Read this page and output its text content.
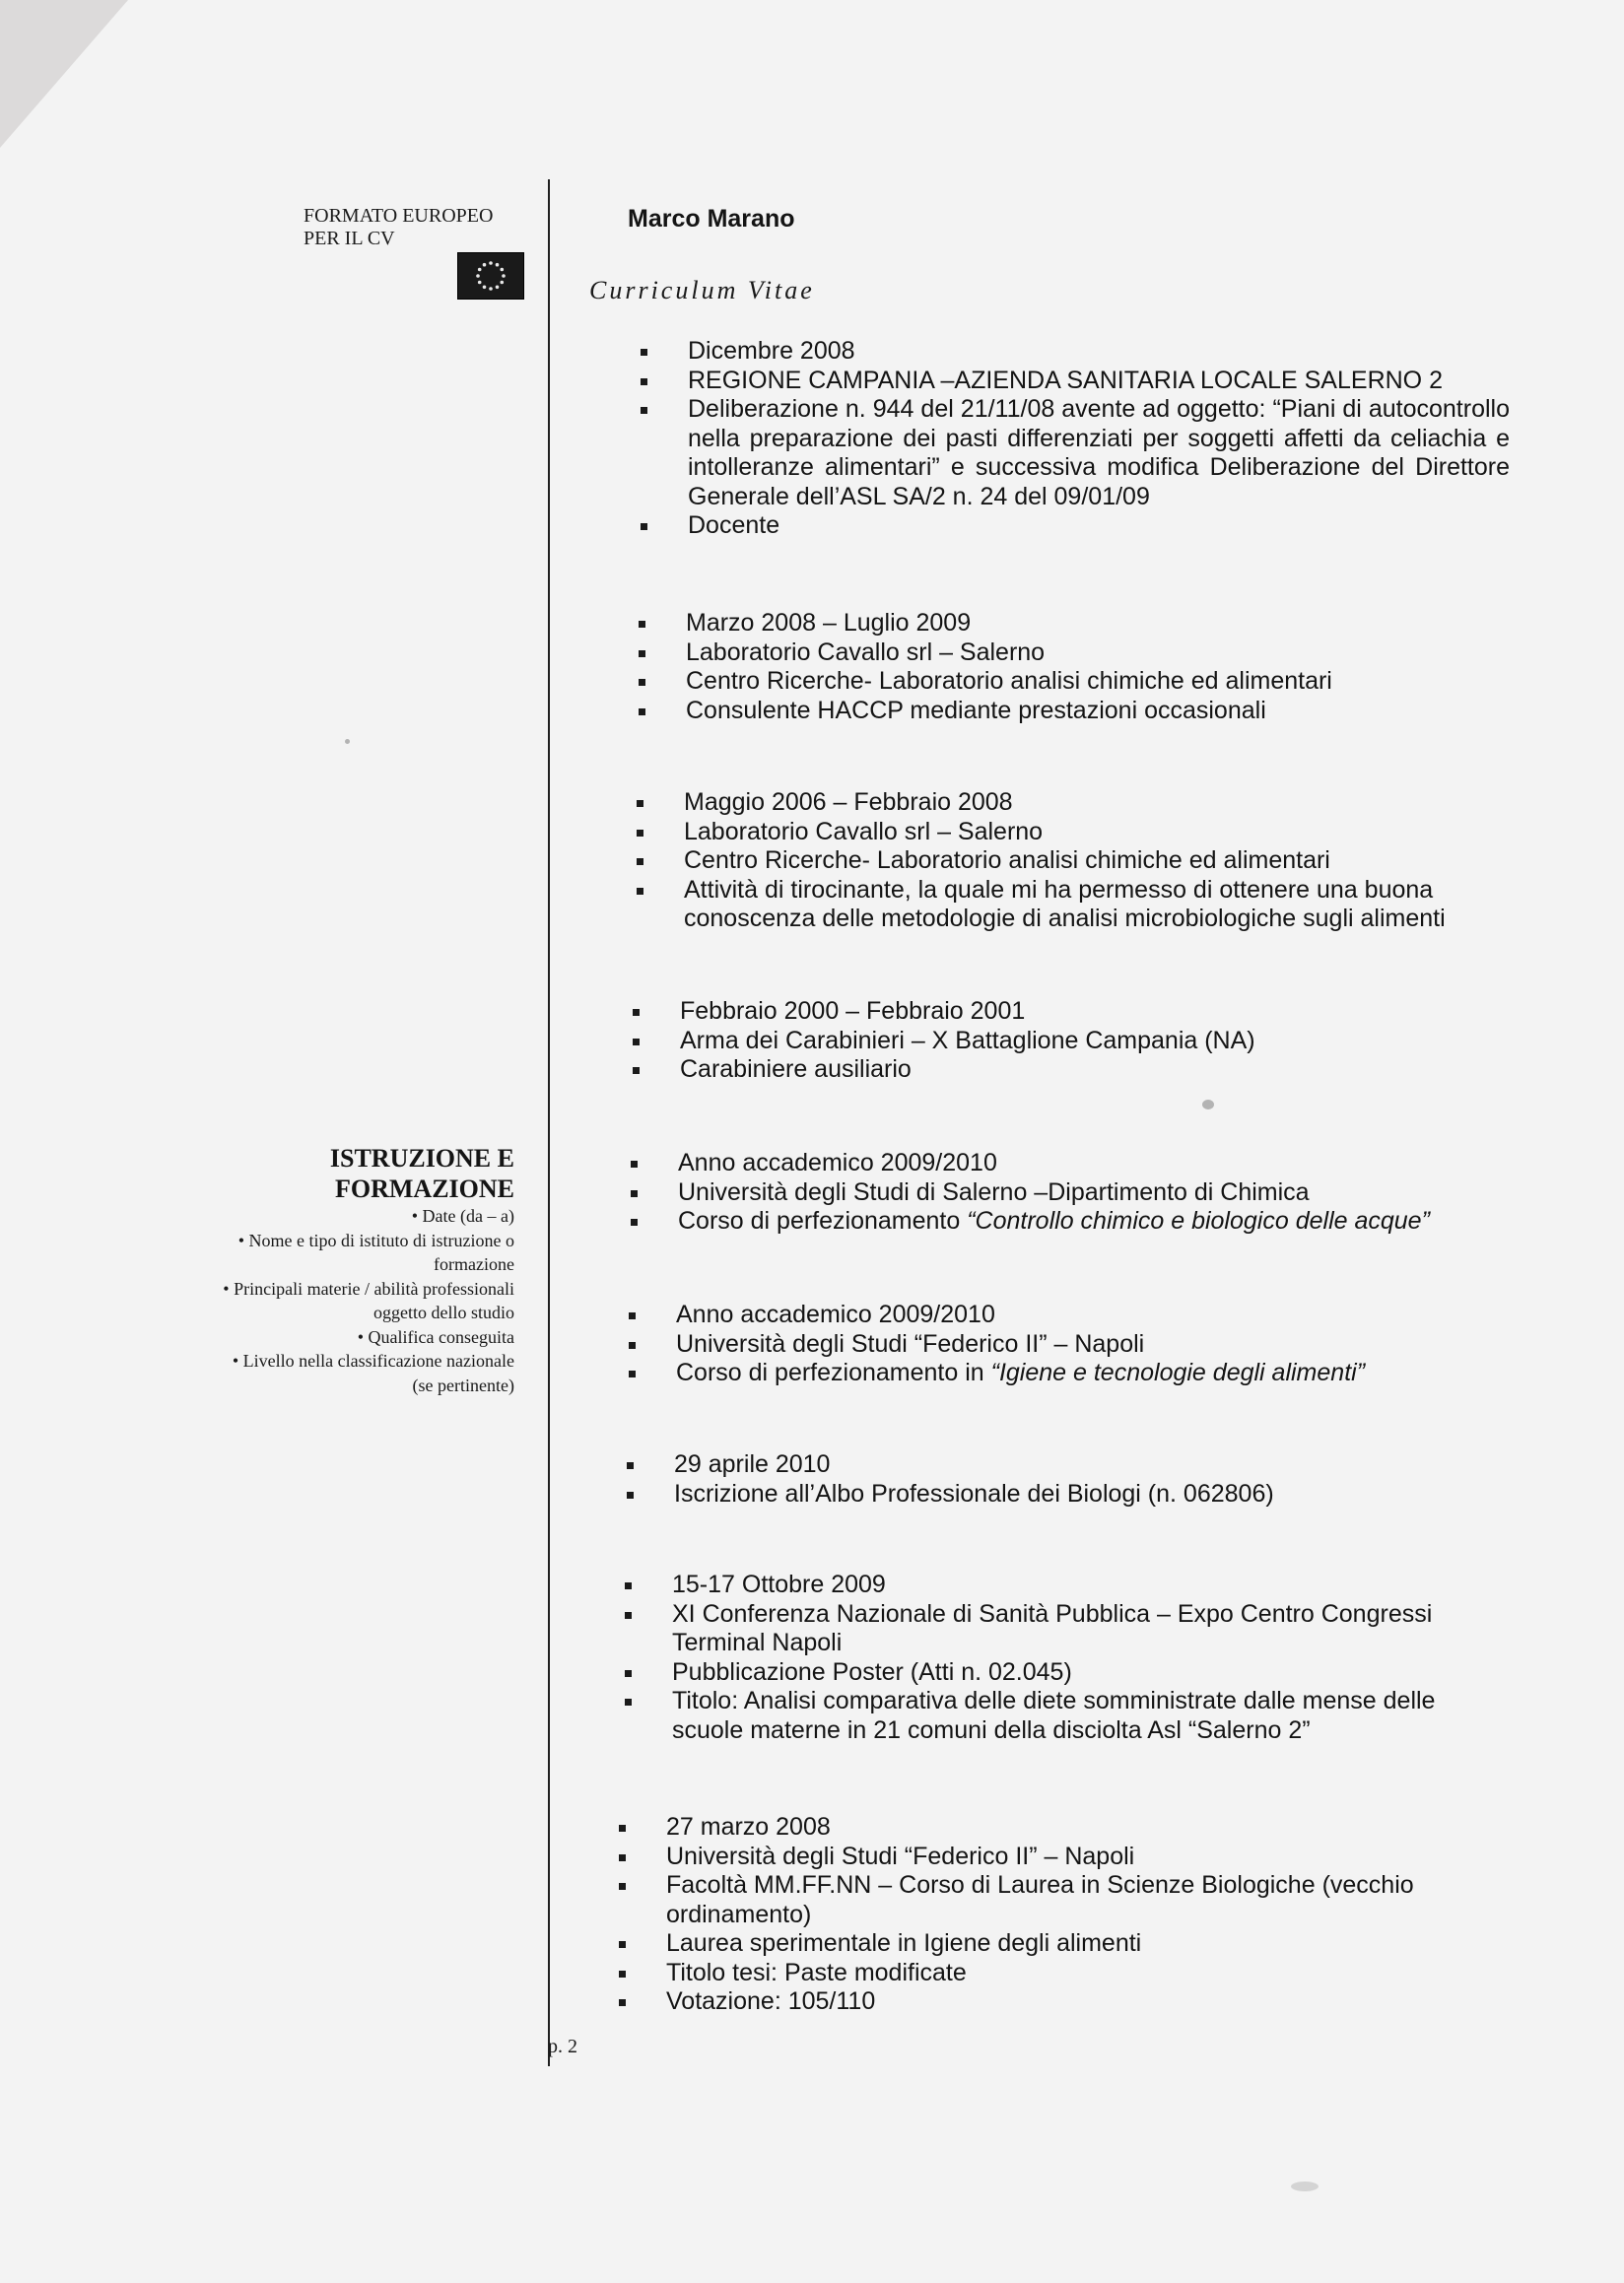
FORMATO EUROPEO
PER IL CV
Marco Marano
Curriculum Vitae
Dicembre 2008
REGIONE CAMPANIA –AZIENDA SANITARIA LOCALE SALERNO 2
Deliberazione n. 944 del 21/11/08 avente ad oggetto: “Piani di autocontrollo nella preparazione dei pasti differenziati per soggetti affetti da celiachia e intolleranze alimentari” e successiva modifica Deliberazione del Direttore Generale dell’ASL SA/2 n. 24 del 09/01/09
Docente
Marzo 2008 – Luglio 2009
Laboratorio Cavallo srl – Salerno
Centro Ricerche- Laboratorio analisi chimiche ed alimentari
Consulente HACCP mediante prestazioni occasionali
Maggio 2006 – Febbraio 2008
Laboratorio Cavallo srl – Salerno
Centro Ricerche- Laboratorio analisi chimiche ed alimentari
Attività di tirocinante, la quale mi ha permesso di ottenere una buona conoscenza delle metodologie di analisi microbiologiche sugli alimenti
Febbraio 2000 – Febbraio 2001
Arma dei Carabinieri – X Battaglione Campania (NA)
Carabiniere ausiliario
ISTRUZIONE E
FORMAZIONE
• Date (da – a)
• Nome e tipo di istituto di istruzione o
formazione
• Principali materie / abilità professionali
oggetto dello studio
• Qualifica conseguita
• Livello nella classificazione nazionale
(se pertinente)
Anno accademico 2009/2010
Università degli Studi di Salerno –Dipartimento di Chimica
Corso di perfezionamento “Controllo chimico e biologico delle acque”
Anno accademico 2009/2010
Università degli Studi “Federico II” – Napoli
Corso di perfezionamento in “Igiene e tecnologie degli alimenti”
29 aprile 2010
Iscrizione all’Albo Professionale dei Biologi (n. 062806)
15-17 Ottobre 2009
XI Conferenza Nazionale di Sanità Pubblica – Expo Centro Congressi Terminal Napoli
Pubblicazione Poster (Atti n. 02.045)
Titolo: Analisi comparativa delle diete somministrate dalle mense delle scuole materne in 21 comuni della disciolta Asl “Salerno 2”
27 marzo 2008
Università degli Studi “Federico II” – Napoli
Facoltà MM.FF.NN – Corso di Laurea in Scienze Biologiche (vecchio ordinamento)
Laurea sperimentale in Igiene degli alimenti
Titolo tesi: Paste modificate
Votazione: 105/110
p. 2
